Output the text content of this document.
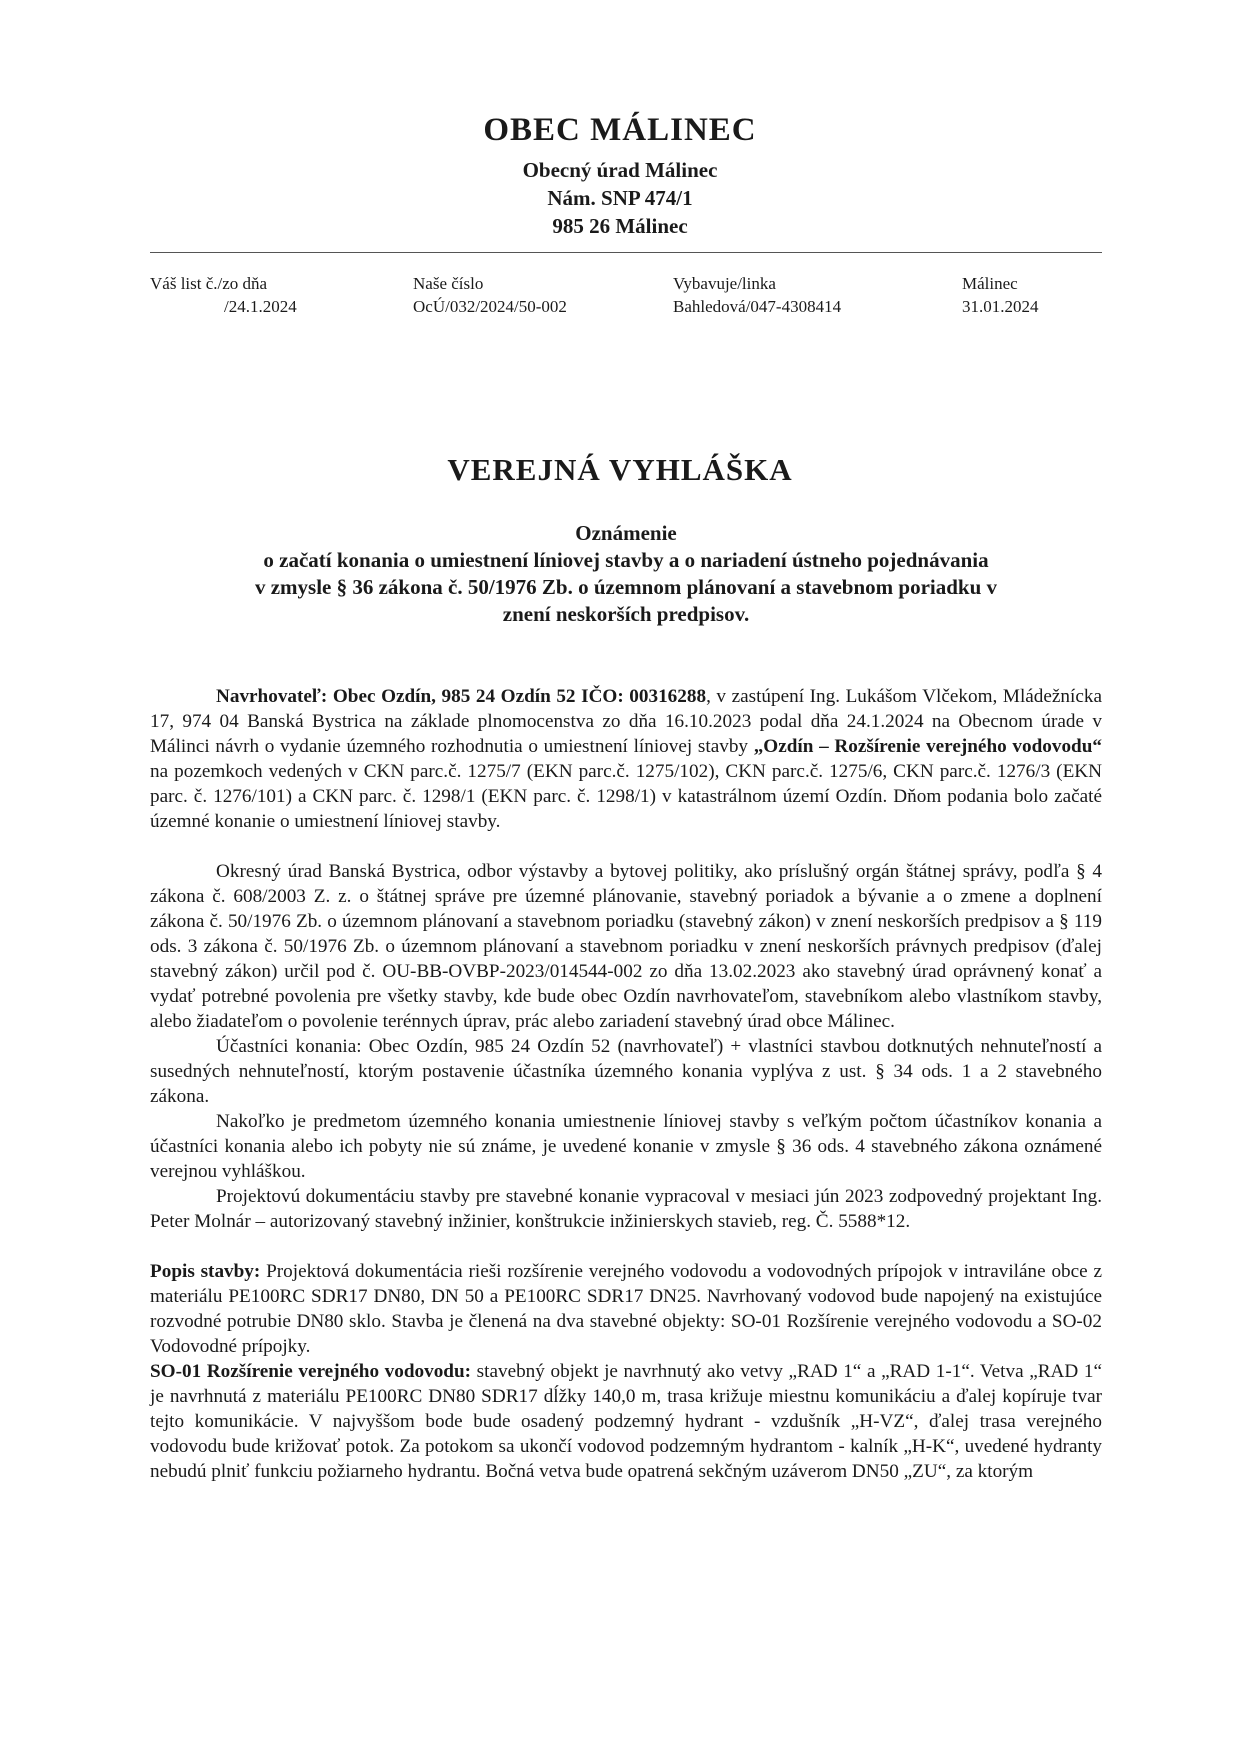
OBEC MÁLINEC
Obecný úrad Málinec
Nám. SNP 474/1
985 26 Málinec
Váš list č./zo dňa
/24.1.2024
Naše číslo
OcÚ/032/2024/50-002
Vybavuje/linka
Bahledová/047-4308414
Málinec
31.01.2024
VEREJNÁ VYHLÁŠKA
Oznámenie
o začatí konania o umiestnení líniovej stavby a o nariadení ústneho pojednávania
v zmysle § 36 zákona č. 50/1976 Zb. o územnom plánovaní a stavebnom poriadku v
znení neskorších predpisov.

Navrhovateľ: Obec Ozdín, 985 24 Ozdín 52 IČO: 00316288, v zastúpení Ing. Lukášom Vlčekom, Mládežnícka 17, 974 04 Banská Bystrica na základe plnomocenstva zo dňa 16.10.2023 podal dňa 24.1.2024 na Obecnom úrade v Málinci návrh o vydanie územného rozhodnutia o umiestnení líniovej stavby „Ozdín – Rozšírenie verejného vodovodu“ na pozemkoch vedených v CKN parc.č. 1275/7 (EKN parc.č. 1275/102), CKN parc.č. 1275/6, CKN parc.č. 1276/3 (EKN parc. č. 1276/101) a CKN parc. č. 1298/1 (EKN parc. č. 1298/1) v katastrálnom území Ozdín. Dňom podania bolo začaté územné konanie o umiestnení líniovej stavby.

Okresný úrad Banská Bystrica, odbor výstavby a bytovej politiky, ako príslušný orgán štátnej správy, podľa § 4 zákona č. 608/2003 Z. z. o štátnej správe pre územné plánovanie, stavebný poriadok a bývanie a o zmene a doplnení zákona č. 50/1976 Zb. o územnom plánovaní a stavebnom poriadku (stavebný zákon) v znení neskorších predpisov a § 119 ods. 3 zákona č. 50/1976 Zb. o územnom plánovaní a stavebnom poriadku v znení neskorších právnych predpisov (ďalej stavebný zákon) určil pod č. OU-BB-OVBP-2023/014544-002 zo dňa 13.02.2023 ako stavebný úrad oprávnený konať a vydať potrebné povolenia pre všetky stavby, kde bude obec Ozdín navrhovateľom, stavebníkom alebo vlastníkom stavby, alebo žiadateľom o povolenie terénnych úprav, prác alebo zariadení stavebný úrad obce Málinec.

Účastníci konania: Obec Ozdín, 985 24 Ozdín 52 (navrhovateľ) + vlastníci stavbou dotknutých nehnuteľností a susedných nehnuteľností, ktorým postavenie účastníka územného konania vyplýva z ust. § 34 ods. 1 a 2 stavebného zákona.

Nakoľko je predmetom územného konania umiestnenie líniovej stavby s veľkým počtom účastníkov konania a účastníci konania alebo ich pobyty nie sú známe, je uvedené konanie v zmysle § 36 ods. 4 stavebného zákona oznámené verejnou vyhláškou.

Projektovú dokumentáciu stavby pre stavebné konanie vypracoval v mesiaci jún 2023 zodpovedný projektant Ing. Peter Molnár – autorizovaný stavebný inžinier, konštrukcie inžinierskych stavieb, reg. Č. 5588*12.

Popis stavby: Projektová dokumentácia rieši rozšírenie verejného vodovodu a vodovodných prípojok v intraviláne obce z materiálu PE100RC SDR17 DN80, DN 50 a PE100RC SDR17 DN25. Navrhovaný vodovod bude napojený na existujúce rozvodné potrubie DN80 sklo. Stavba je členená na dva stavebné objekty: SO-01 Rozšírenie verejného vodovodu a SO-02 Vodovodné prípojky.

SO-01 Rozšírenie verejného vodovodu: stavebný objekt je navrhnutý ako vetvy „RAD 1“ a „RAD 1-1“. Vetva „RAD 1“ je navrhnutá z materiálu PE100RC DN80 SDR17 dĺžky 140,0 m, trasa križuje miestnu komunikáciu a ďalej kopíruje tvar tejto komunikácie. V najvyššom bode bude osadený podzemný hydrant - vzdušník „H-VZ“, ďalej trasa verejného vodovodu bude križovať potok. Za potokom sa ukončí vodovod podzemným hydrantom - kalník „H-K“, uvedené hydranty nebudú plniť funkciu požiarneho hydrantu. Bočná vetva bude opatrená sekčným uzáverom DN50 „ZU“, za ktorým
